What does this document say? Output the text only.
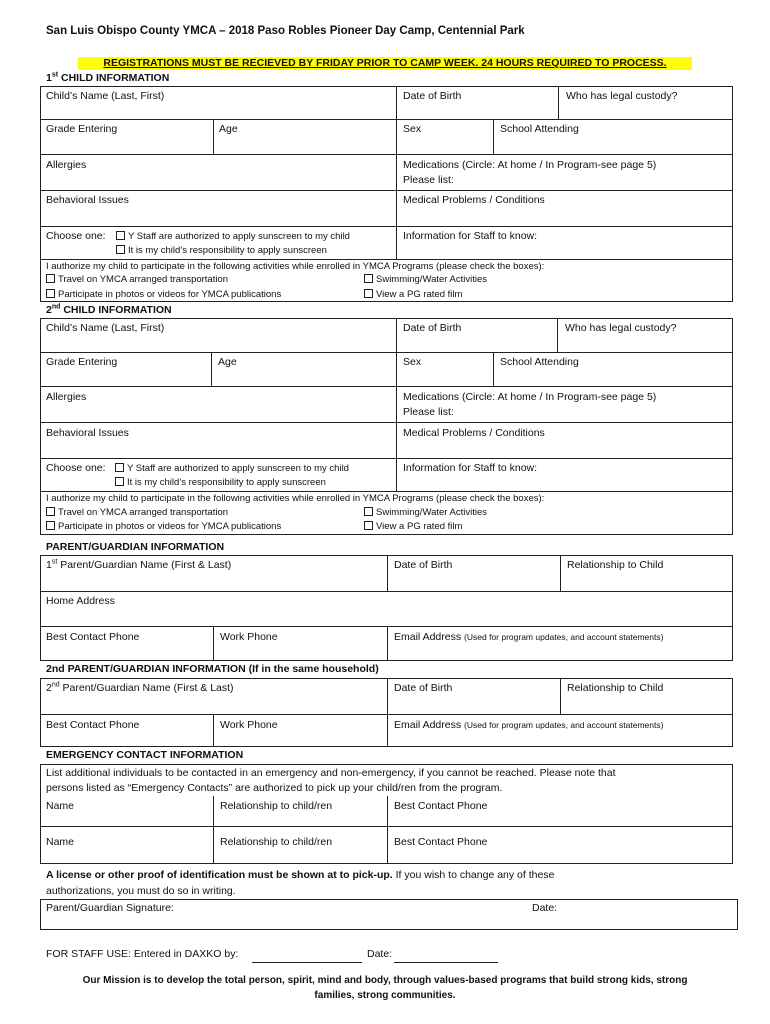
San Luis Obispo County YMCA – 2018 Paso Robles Pioneer Day Camp, Centennial Park
REGISTRATIONS MUST BE RECIEVED BY FRIDAY PRIOR TO CAMP WEEK. 24 HOURS REQUIRED TO PROCESS.
1st CHILD INFORMATION
Child’s Name (Last, First)	Date of Birth	Who has legal custody?
Grade Entering	Age	Sex	School Attending
Allergies	Medications (Circle: At home / In Program-see page 5)
Please list:
Behavioral Issues	Medical Problems / Conditions
Choose one:	Y Staff are authorized to apply sunscreen to my child
It is my child’s responsibility to apply sunscreen
Information for Staff to know:
I authorize my child to participate in the following activities while enrolled in YMCA Programs (please check the boxes):
Travel on YMCA arranged transportation	Swimming/Water Activities
Participate in photos or videos for YMCA publications	View a PG rated film
2nd CHILD INFORMATION
Child’s Name (Last, First)	Date of Birth	Who has legal custody?
Grade Entering	Age	Sex	School Attending
Allergies	Medications (Circle: At home / In Program-see page 5)
Please list:
Behavioral Issues	Medical Problems / Conditions
Choose one:	Y Staff are authorized to apply sunscreen to my child
It is my child’s responsibility to apply sunscreen
Information for Staff to know:
I authorize my child to participate in the following activities while enrolled in YMCA Programs (please check the boxes):
Travel on YMCA arranged transportation	Swimming/Water Activities
Participate in photos or videos for YMCA publications	View a PG rated film
PARENT/GUARDIAN INFORMATION
1st Parent/Guardian Name (First & Last)	Date of Birth	Relationship to Child
Home Address
Best Contact Phone	Work Phone	Email Address (Used for program updates, and account statements)
2nd PARENT/GUARDIAN INFORMATION (If in the same household)
2nd Parent/Guardian Name (First & Last)	Date of Birth	Relationship to Child
Best Contact Phone	Work Phone	Email Address (Used for program updates, and account statements)
EMERGENCY CONTACT INFORMATION
List additional individuals to be contacted in an emergency and non-emergency, if you cannot be reached. Please note that
persons listed as “Emergency Contacts” are authorized to pick up your child/ren from the program.
Name	Relationship to child/ren	Best Contact Phone
Name	Relationship to child/ren	Best Contact Phone
A license or other proof of identification must be shown at to pick-up. If you wish to change any of these
authorizations, you must do so in writing.
Parent/Guardian Signature:	Date:
FOR STAFF USE: Entered in DAXKO by:	Date:
Our Mission is to develop the total person, spirit, mind and body, through values-based programs that build strong kids, strong
families, strong communities.
